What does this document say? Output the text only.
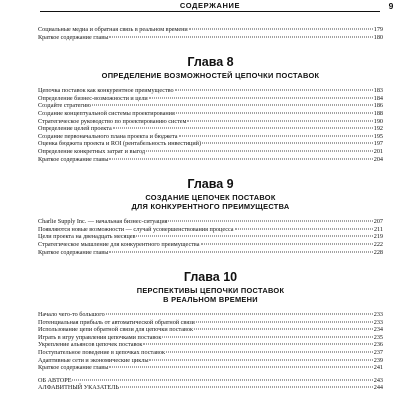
СОДЕРЖАНИЕ	9
Социальные медиа и обратная связь в реальном времени	179
Краткое содержание главы	180
Глава 8
ОПРЕДЕЛЕНИЕ ВОЗМОЖНОСТЕЙ ЦЕПОЧКИ ПОСТАВОК
Цепочка поставок как конкурентное преимущество	183
Определение бизнес-возможности и цели	184
Создайте стратегию	186
Создание концептуальной системы проектирования	188
Стратегическое руководство по проектированию систем	190
Определение целей проекта	192
Создание первоначального плана проекта и бюджета	195
Оценка бюджета проекта и ROI (рентабельность инвестиций)	197
Определение конкретных затрат и выгод	201
Краткое содержание главы	204
Глава 9
СОЗДАНИЕ ЦЕПОЧЕК ПОСТАВОК
ДЛЯ КОНКУРЕНТНОГО ПРЕИМУЩЕСТВА
Charlie Supply Inc. — начальная бизнес-ситуация	207
Появляются новые возможности — случай усовершенствования процесса	211
Цели проекта на двенадцать месяцев	219
Стратегическое мышление для конкурентного преимущества	222
Краткое содержание главы	228
Глава 10
ПЕРСПЕКТИВЫ ЦЕПОЧКИ ПОСТАВОК
В РЕАЛЬНОМ ВРЕМЕНИ
Начало чего-то большого	233
Потенциальная прибыль от автоматической обратной связи	233
Использование цепи обратной связи для цепочки поставок	234
Играть в игру управления цепочками поставок	235
Укрепление альянсов цепочек поставок	236
Поступательное поведение в цепочках поставок	237
Адаптивные сети и экономические циклы	239
Краткое содержание главы	241
ОБ АВТОРЕ	243
АЛФАВИТНЫЙ УКАЗАТЕЛЬ	244
